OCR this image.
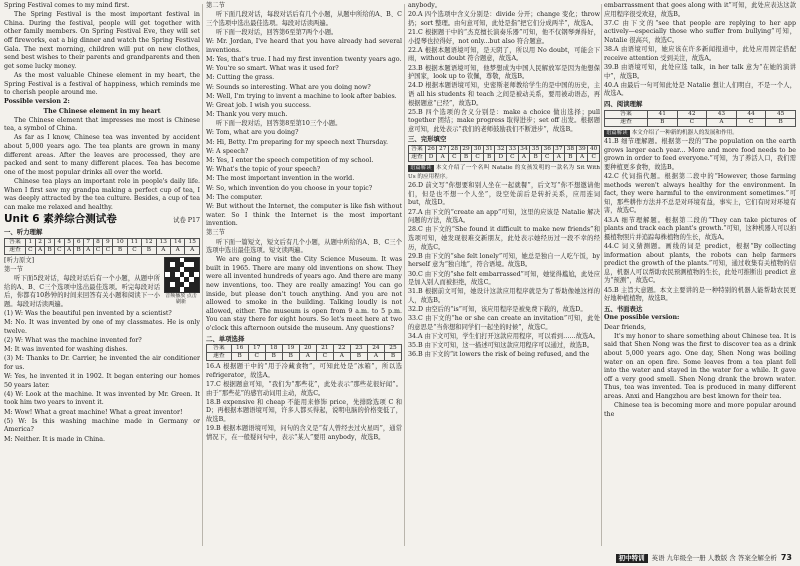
Spring Festival comes to my mind first.

The Spring Festival is the most important festival in China. During the festival, people will get together with other family members. On Spring Festival Eve, they will set off fireworks, eat a big dinner and watch the Spring Festival Gala. The next morning, children will put on new clothes, send best wishes to their parents and grandparents and then get some lucky money.

As the most valuable Chinese element in my heart, the Spring Festival is a festival of happiness, which reminds me to cherish people around me.

Possible version 2:

The Chinese element in my heart

The Chinese element that impresses me most is Chinese tea, a symbol of China.

As far as I know, Chinese tea was invented by accident about 5,000 years ago. The tea plants are grown in many different areas. After the leaves are processed, they are packed and sent to many different places. Tea has become one of the most popular drinks all over the world.

Chinese tea plays an important role in people's daily life. When I first saw my grandpa making a perfect cup of tea, I was deeply attracted by the tea culture. Besides, a cup of tea can make me relaxed and healthy.

Unit 6 素养综合测试卷	试卷 P17
一、听力理解
答案	1	2	3	4	5	6	7	8	9	10	11	12	13	14	15
速查	C	A	B	C	A	B	A	C	C	B	C	B	A	A	A

[听力原文]

第一节

听下面5段对话，每段对话后有一个小题，从题中所给的A、B、C三个选项中选出最佳选项。听完每段对话后，你都有10秒钟的时间来回答有关小题和阅读下一小题。每段对话读两遍。

音频播放 点击刷新

(1) W: Was the beautiful pen invented by a scientist?

M: No. It was invented by one of my classmates. He is only twelve.

(2) W: What was the machine invented for?

M: It was invented for washing dishes.

(3) M: Thanks to Dr. Carrier, he invented the air conditioner for us.

W: Yes, he invented it in 1902. It began entering our homes 50 years later.

(4) W: Look at the machine. It was invented by Mr. Green. It took him two years to invent it.

M: Wow! What a great machine! What a great inventor!

(5) W: Is this washing machine made in Germany or America?

M: Neither. It is made in China.

第二节

听下面几段对话，每段对话后有几个小题，从题中所给的A、B、C三个选项中选出最佳选项。每段对话读两遍。

听下面一段对话，回答第6至第7两个小题。

W: Mr. Jordan, I've heard that you have already had several inventions.

M: Yes, that's true. I had my first invention twenty years ago.

W: You're so smart. What was it used for?

M: Cutting the grass.

W: Sounds so interesting. What are you doing now?

M: Well, I'm trying to invent a machine to look after babies.

W: Great job. I wish you success.

M: Thank you very much.

听下面一段对话，回答第8至第10三个小题。

W: Tom, what are you doing?

M: Hi, Betty. I'm preparing for my speech next Thursday.

W: A speech?

M: Yes, I enter the speech competition of my school.

W: What's the topic of your speech?

M: The most important invention in the world.

W: So, which invention do you choose in your topic?

M: The computer.

W: But without the Internet, the computer is like fish without water. So I think the Internet is the most important invention.

第三节

听下面一篇短文，短文后有几个小题，从题中所给的A、B、C三个选项中选出最佳选项。短文读两遍。

We are going to visit the City Science Museum. It was built in 1965. There are many old inventions on show. They were all invented hundreds of years ago. And there are many new inventions, too. They are really amazing! You can go inside, but please don't touch anything. And you are not allowed to smoke in the building. Talking loudly is not allowed, either. The museum is open from 9 a.m. to 5 p.m. You can stay there for eight hours. So let's meet here at two o'clock this afternoon outside the museum. Any questions?

二、单项选择
答案	16	17	18	19	20	21	22	23	24	25
速查	B	C	B	B	A	C	A	B	A	B

16.A 根据题干中的“用于冷藏食物”，可知此处是“冰箱”，所以选 refrigerator，故选A。

17.C 根据题意可知，“我们为“那些花”，此处表示“那些花很好闻”。由于“那些花”的感官动词用主动，故选C。

18.B expensive 和 cheap 不能用来修饰 price，先排除选项 C 和 D；再根据本题语境可知，许多人都买得起，说明电脑的价格变低了，故选B。

19.B 根据本题语境可知，问句的含义是“有人曾经去过火星吗”，通常情况下，在一般疑问句中，表示“某人”要用 anybody，故选B。

anybody。

20.A 四个选项中含义分别是：divide 分开；change 变化；throw 扔；sort 整理。由句意可知，此处是指“把它们分成两半”，故选A。

21.C 根据题干中的“杰克擅长演奏乐器”可知，他不仅钢琴弹得好，小提琴也拉得好，not only...but also 符合题意。

22.A 根据本题语境可知，是天阴了，所以用 No doubt，可能会下雨，without doubt 符合题意，故选A。

23.B 根据本题语境可知，他梦想成为中国人民解放军是因为他想保护国家，look up to 钦佩，尊敬，故选B。

24.D 根据本题语境可知，史密斯老师教给学生的是中国的历史，主语 all his students 和 teach 之间是被动关系，要用被动语态，再根据题意“已经”，故选D。

25.B 四个选项的含义分别是：make a choice 做出选择；pull together 团结；make progress 取得进步；set off 出发。根据题意可知，此处表示“我们的老师鼓励我们不断进步”，故选B。

三、完形填空
答案	26	27	28	29	30	31	32	33	34	35	36	37	38	39	40
速查	D	A	C	B	C	B	D	C	A	B	C	A	B	A	C

语篇解读 本文介绍了一个名叫 Natalie 的女孩发明的一款名为 Sit With Us 的应用程序。

26.D 前文写“你想要和别人坐在一起就餐”，后文写“你不想邀请他们，但是也不想一个人坐”，设空处前后是转折关系，应用连词 but，故选D。

27.A 由下文的“create an app”可知，这里的应该是 Natalie 解决问题的方法，故选A。

28.C 由下文的“She found it difficult to make new friends”和选项可知，她发现很难交新朋友，此处表示她经历过一段不幸的经历，故选C。

29.B 由下文的“she felt lonely”可知，她总是独自一人吃午饭，by herself 意为“独自地”，符合语境。故选B。

30.C 由下文的“she felt embarrassed”可知，她觉得尴尬，此处应是加入别人而被拒绝，故选C。

31.B 根据前文可知，她设计这款应用程序就是为了帮助像她这样的人，故选B。

32.D 由空后的“is”可知，该应用程序是被免费下载的，故选D。

33.C 由下文的“he or she can create an invitation”可知，此处的意思是“当你想和同学们一起坐的时候”，故选C。

34.A 由下文可知，学生们打开这款应用程序，可以看到……故选A。

35.B 由下文可知，这一描述可知这款应用程序可以通过，故选B。

36.B 由下文的“it lowers the risk of being refused, and the

embarrassment that goes along with it”可知，此处应表达这款应用程序很受欢迎，故选B。

37.C 由下文的“see that people are replying to her app actively—especially those who suffer from bullying”可知，Natalie 很高兴，故选C。

38.A 由语境可知，她应该在许多新闻报道中，此处应用固定搭配 receive attention 受到关注，故选A。

39.B 由语境可知，此处应选 talk，in her talk 意为“在她的演讲中”，故选B。

40.A 由最后一句可知此处是 Natalie 想让人们明白，不是一个人，故选A。

四、阅读理解
答案	41	42	43	44	45
速查	B	C	A	C	B

语篇解读 本文介绍了一种新的机器人的发展和作用。

41.B 细节理解题。根据第一段的“The population on the earth grows larger each year... More and more food needs to be grown in order to feed everyone.”可知，为了养活人口，我们需要种植更多食物，故选B。

42.C 代词指代题。根据第二段中的“However, those farming methods weren't always healthy for the environment. In fact, they were harmful to the environment sometimes.”可知，那些耕作方法并不总是对环境有益，事实上，它们有时对环境有害，故选C。

43.A 细节理解题。根据第二段的“They can take pictures of plants and track each plant's growth.”可知，这种机器人可以拍摄植物照片并追踪每株植物的生长，故选A。

44.C 词义猜测题。画线的词是 predict，根据“By collecting information about plants, the robots can help farmers predict the growth of the plants.”可知，通过收集有关植物的信息，机器人可以帮助农民预测植物的生长，此处可推断出 predict 意为“预测”，故选C。

45.B 主旨大意题。本文主要讲的是一种特别的机器人能帮助农民更好地种植植物，故选B。

五、书面表达

One possible version:

Dear friends,

It's my honor to share something about Chinese tea. It is said that Shen Nong was the first to discover tea as a drink about 5,000 years ago. One day, Shen Nong was boiling water on an open fire. Some leaves from a tea plant fell into the water and stayed in the water for a while. It gave off a very good smell. Shen Nong drank the brown water. Thus, tea was invented. Tea is produced in many different areas. Anxi and Hangzhou are best known for their tea.

Chinese tea is becoming more and more popular around the

初中特训	英语 九年级全一册 人教版 含 答案全解全析 73
